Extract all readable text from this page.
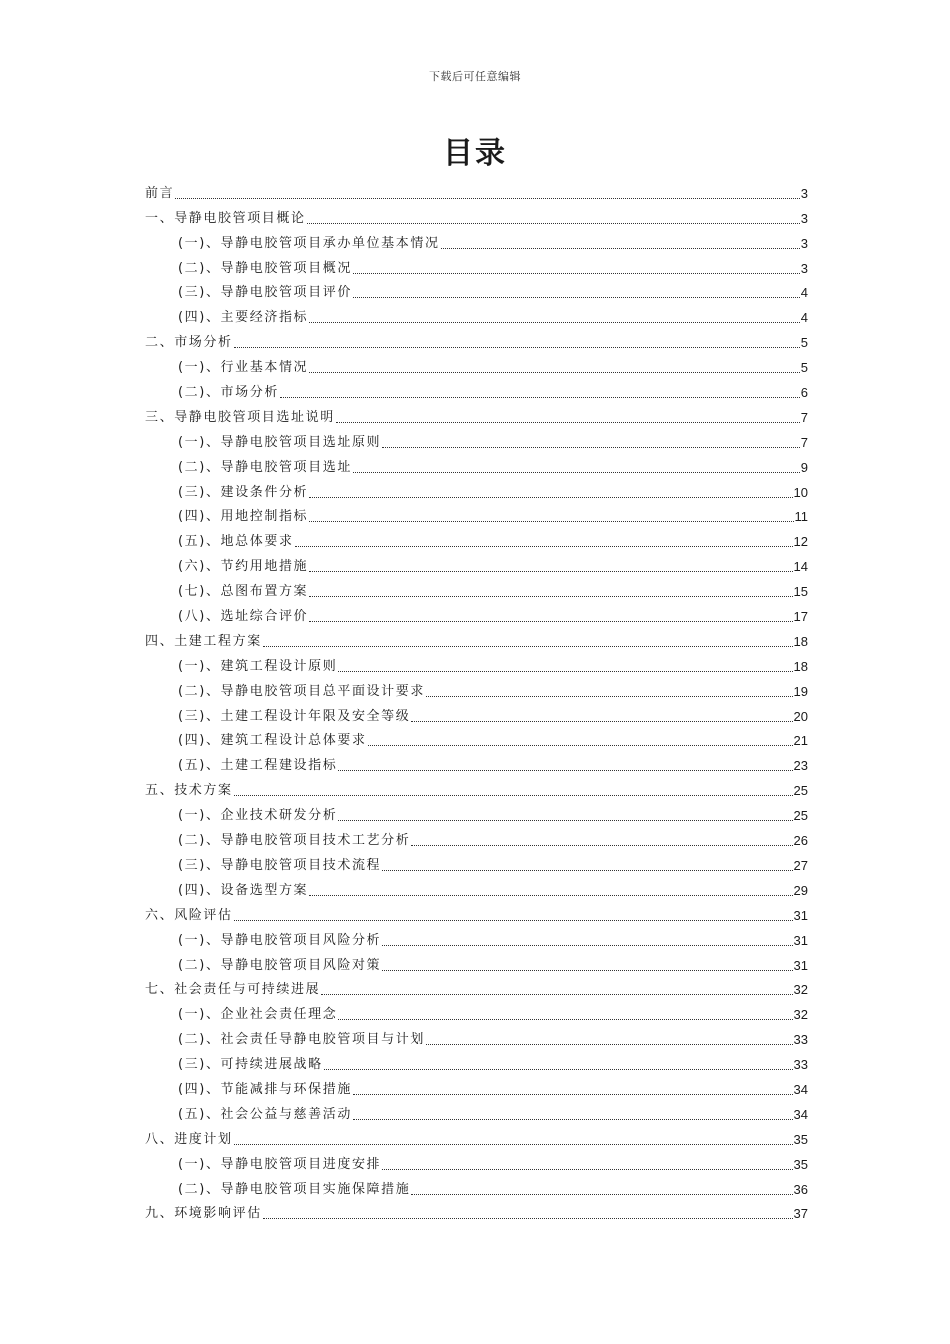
下载后可任意编辑
目录
前言	3
一、导静电胶管项目概论	3
(一)、导静电胶管项目承办单位基本情况	3
(二)、导静电胶管项目概况	3
(三)、导静电胶管项目评价	4
(四)、主要经济指标	4
二、市场分析	5
(一)、行业基本情况	5
(二)、市场分析	6
三、导静电胶管项目选址说明	7
(一)、导静电胶管项目选址原则	7
(二)、导静电胶管项目选址	9
(三)、建设条件分析	10
(四)、用地控制指标	11
(五)、地总体要求	12
(六)、节约用地措施	14
(七)、总图布置方案	15
(八)、选址综合评价	17
四、土建工程方案	18
(一)、建筑工程设计原则	18
(二)、导静电胶管项目总平面设计要求	19
(三)、土建工程设计年限及安全等级	20
(四)、建筑工程设计总体要求	21
(五)、土建工程建设指标	23
五、技术方案	25
(一)、企业技术研发分析	25
(二)、导静电胶管项目技术工艺分析	26
(三)、导静电胶管项目技术流程	27
(四)、设备选型方案	29
六、风险评估	31
(一)、导静电胶管项目风险分析	31
(二)、导静电胶管项目风险对策	31
七、社会责任与可持续进展	32
(一)、企业社会责任理念	32
(二)、社会责任导静电胶管项目与计划	33
(三)、可持续进展战略	33
(四)、节能减排与环保措施	34
(五)、社会公益与慈善活动	34
八、进度计划	35
(一)、导静电胶管项目进度安排	35
(二)、导静电胶管项目实施保障措施	36
九、环境影响评估	37
